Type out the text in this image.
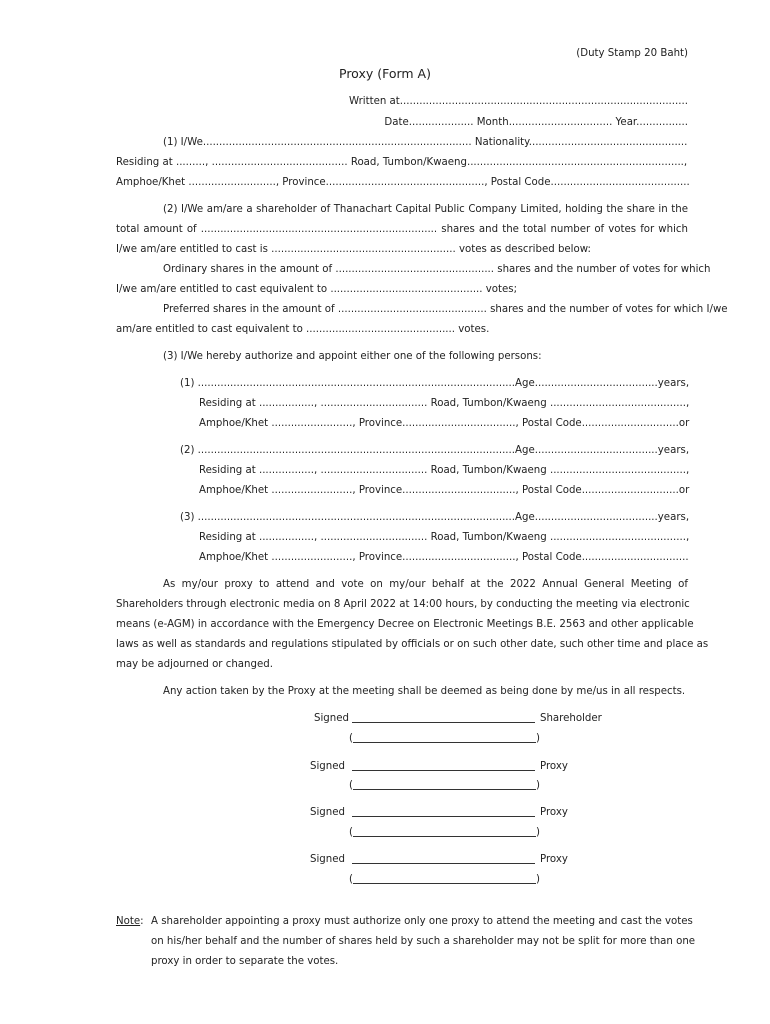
(Duty Stamp 20 Baht)
Proxy (Form A)
Written at.........................................................................................
Date.................... Month................................ Year................
(1) I/We................................................................................... Nationality.................................................
Residing at ........., .......................................... Road, Tumbon/Kwaeng...................................................................,
Amphoe/Khet ..........................., Province................................................., Postal Code...........................................
(2) I/We am/are a shareholder of Thanachart Capital Public Company Limited, holding the share in the
total amount of ......................................................................... shares and the total number of votes for which
I/we am/are entitled to cast is ......................................................... votes as described below:
Ordinary shares in the amount of ................................................. shares and the number of votes for which
I/we am/are entitled to cast equivalent to ............................................... votes;
Preferred shares in the amount of .............................................. shares and the number of votes for which I/we
am/are entitled to cast equivalent to .............................................. votes.
(3) I/We hereby authorize and appoint either one of the following persons:
(1) ..................................................................................................Age......................................years,
Residing at ................., ................................. Road, Tumbon/Kwaeng ..........................................,
Amphoe/Khet ........................., Province..................................., Postal Code..............................or
(2) ..................................................................................................Age......................................years,
Residing at ................., ................................. Road, Tumbon/Kwaeng ..........................................,
Amphoe/Khet ........................., Province..................................., Postal Code..............................or
(3) ..................................................................................................Age......................................years,
Residing at ................., ................................. Road, Tumbon/Kwaeng ..........................................,
Amphoe/Khet ........................., Province..................................., Postal Code.................................
As my/our proxy to attend and vote on my/our behalf at the 2022 Annual General Meeting of
Shareholders through electronic media on 8 April 2022 at 14:00 hours, by conducting the meeting via electronic
means (e-AGM) in accordance with the Emergency Decree on Electronic Meetings B.E. 2563 and other applicable
laws as well as standards and regulations stipulated by officials or on such other date, such other time and place as
may be adjourned or changed.
Any action taken by the Proxy at the meeting shall be deemed as being done by me/us in all respects.
Signed	Shareholder
(	)
Signed	Proxy
(	)
Signed	Proxy
(	)
Signed	Proxy
(	)
Note: A shareholder appointing a proxy must authorize only one proxy to attend the meeting and cast the votes
on his/her behalf and the number of shares held by such a shareholder may not be split for more than one
proxy in order to separate the votes.
